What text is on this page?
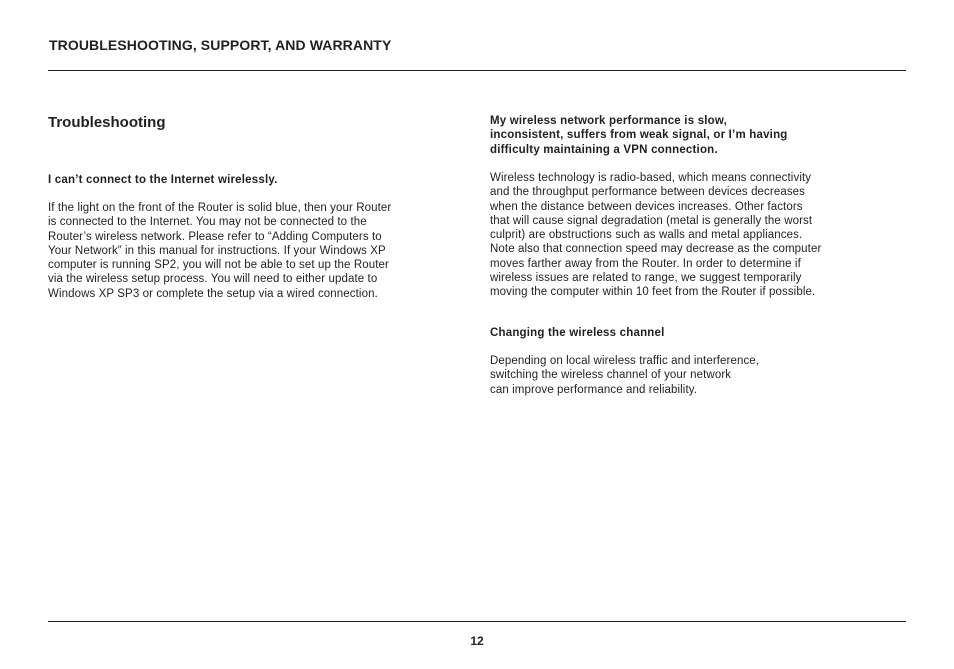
TROUBLESHOOTING, SUPPORT, AND WARRANTY
Troubleshooting
I can’t connect to the Internet wirelessly.
If the light on the front of the Router is solid blue, then your Router
is connected to the Internet. You may not be connected to the
Router’s wireless network. Please refer to “Adding Computers to
Your Network” in this manual for instructions. If your Windows XP
computer is running SP2, you will not be able to set up the Router
via the wireless setup process. You will need to either update to
Windows XP SP3 or complete the setup via a wired connection.
My wireless network performance is slow,
inconsistent, suffers from weak signal, or I’m having
difficulty maintaining a VPN connection.
Wireless technology is radio-based, which means connectivity
and the throughput performance between devices decreases
when the distance between devices increases. Other factors
that will cause signal degradation (metal is generally the worst
culprit) are obstructions such as walls and metal appliances.
Note also that connection speed may decrease as the computer
moves farther away from the Router. In order to determine if
wireless issues are related to range, we suggest temporarily
moving the computer within 10 feet from the Router if possible.
Changing the wireless channel
Depending on local wireless traffic and interference,
switching the wireless channel of your network
can improve performance and reliability.
12
